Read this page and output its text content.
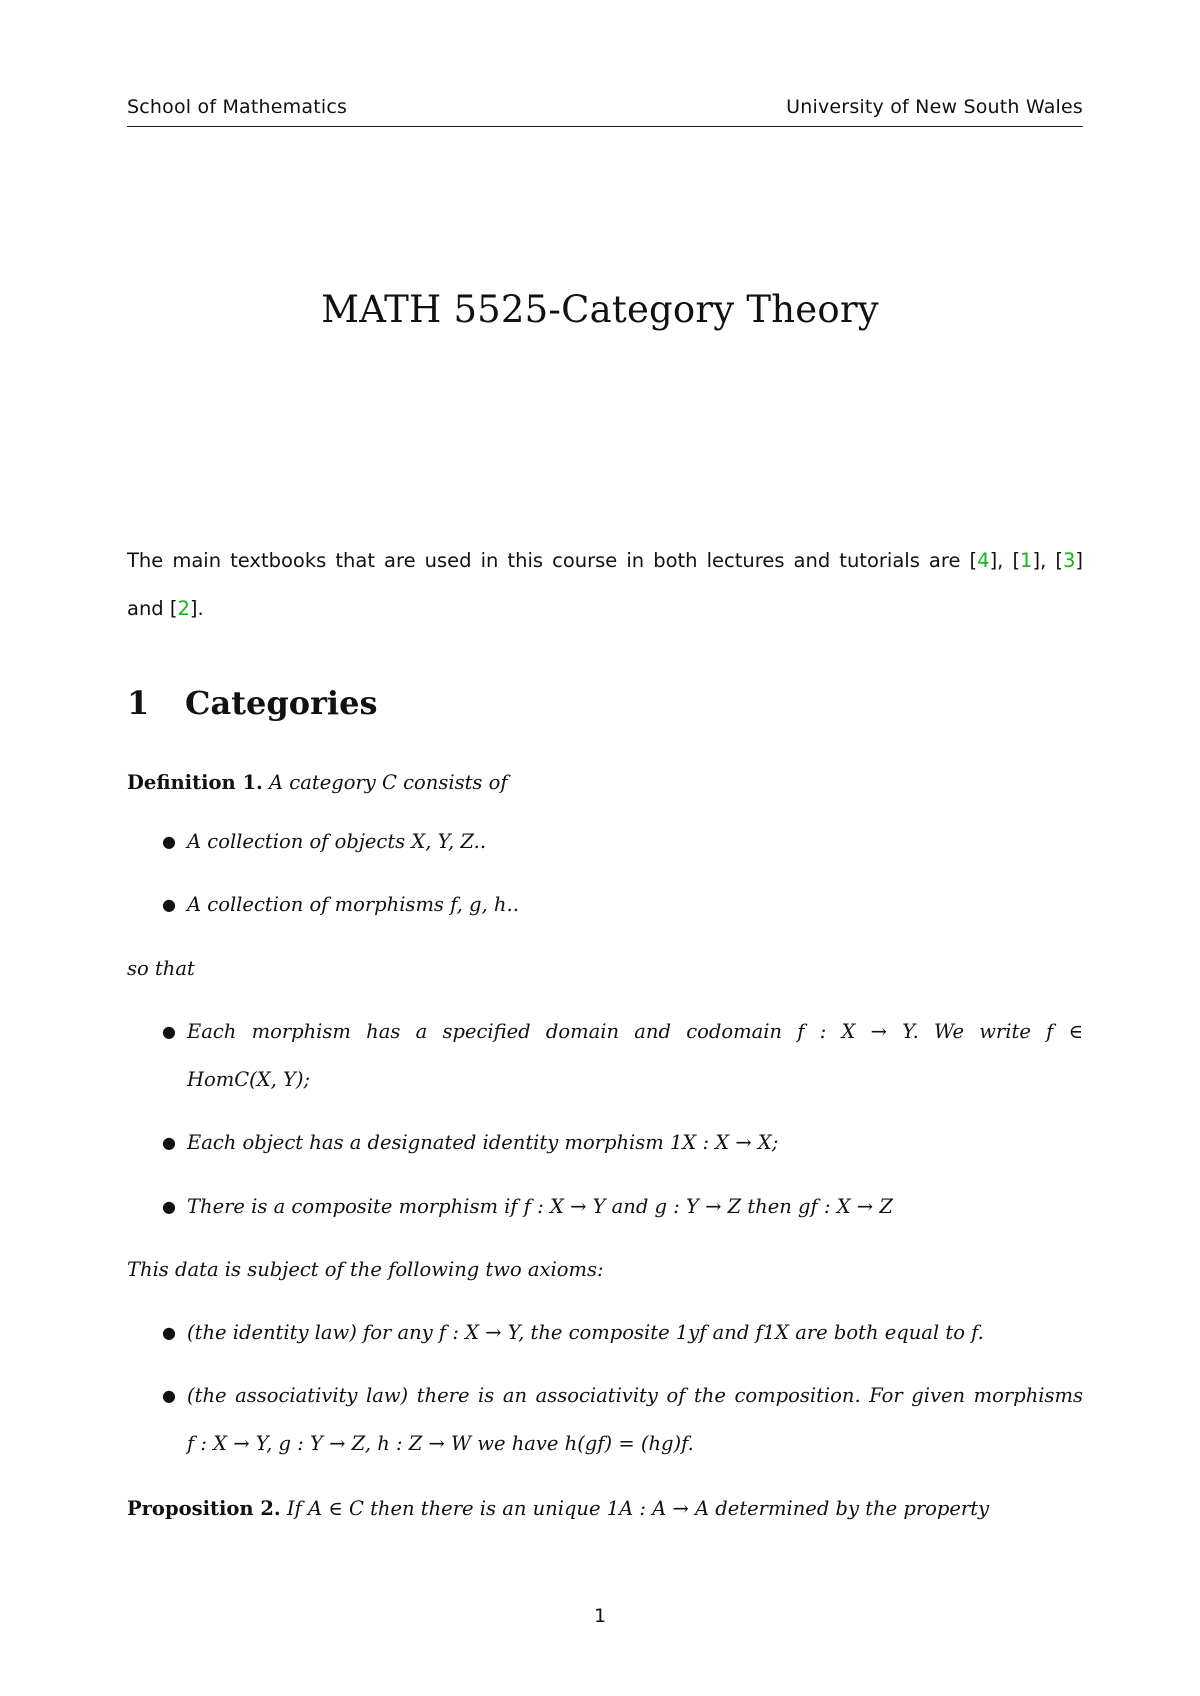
School of Mathematics	University of New South Wales
MATH 5525-Category Theory
The main textbooks that are used in this course in both lectures and tutorials are [4], [1], [3]
and [2].
1 Categories
Definition 1. A category C consists of
● A collection of objects X, Y, Z..
● A collection of morphisms f, g, h..
so that
● Each morphism has a specified domain and codomain f : X → Y. We write f ∈
HomC(X, Y);
● Each object has a designated identity morphism 1X : X → X;
● There is a composite morphism if f : X → Y and g : Y → Z then gf : X → Z
This data is subject of the following two axioms:
● (the identity law) for any f : X → Y, the composite 1yf and f1X are both equal to f.
● (the associativity law) there is an associativity of the composition. For given morphisms
f : X → Y, g : Y → Z, h : Z → W we have h(gf) = (hg)f.
Proposition 2. If A ∈ C then there is an unique 1A : A → A determined by the property
1
